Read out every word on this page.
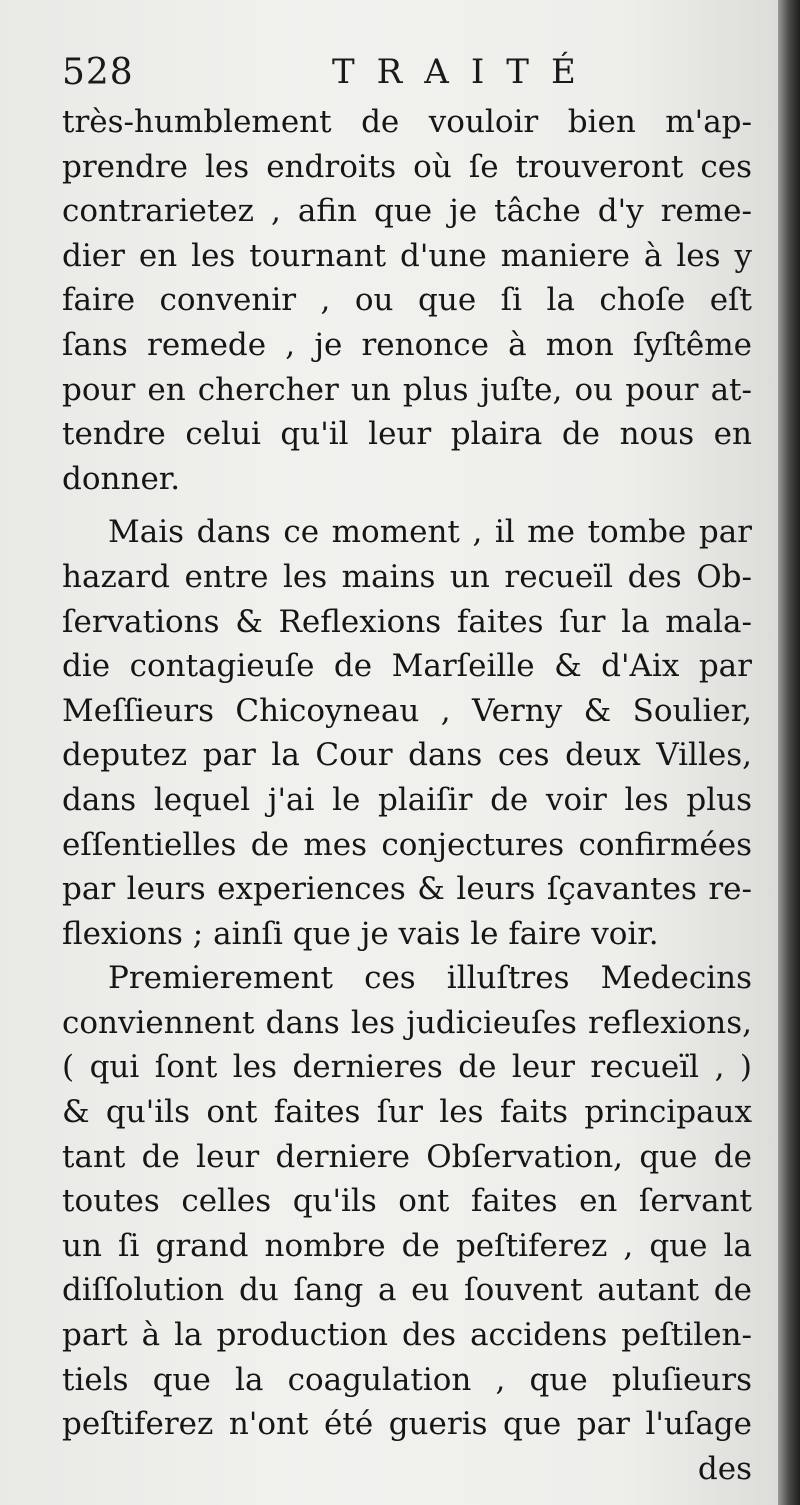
528	TRAITÉ
très-humblement de vouloir bien m'ap-
prendre les endroits où ſe trouveront ces
contrarietez , afin que je tâche d'y reme-
dier en les tournant d'une maniere à les y
faire convenir , ou que ſi la choſe eſt
ſans remede , je renonce à mon ſyſtême
pour en chercher un plus juſte, ou pour at-
tendre celui qu'il leur plaira de nous en
donner.
Mais dans ce moment , il me tombe par
hazard entre les mains un recueïl des Ob-
ſervations & Reflexions faites ſur la mala-
die contagieuſe de Marſeille & d'Aix par
Meſſieurs Chicoyneau , Verny & Soulier,
deputez par la Cour dans ces deux Villes,
dans lequel j'ai le plaiſir de voir les plus
eſſentielles de mes conjectures confirmées
par leurs experiences & leurs ſçavantes re-
flexions ; ainſi que je vais le faire voir.
Premierement ces illuſtres Medecins
conviennent dans les judicieuſes reflexions,
( qui ſont les dernieres de leur recueïl , )
& qu'ils ont faites ſur les faits principaux
tant de leur derniere Obſervation, que de
toutes celles qu'ils ont faites en ſervant
un ſi grand nombre de peſtiferez , que la
diſſolution du ſang a eu ſouvent autant de
part à la production des accidens peſtilen-
tiels que la coagulation , que pluſieurs
peſtiferez n'ont été gueris que par l'uſage
des
